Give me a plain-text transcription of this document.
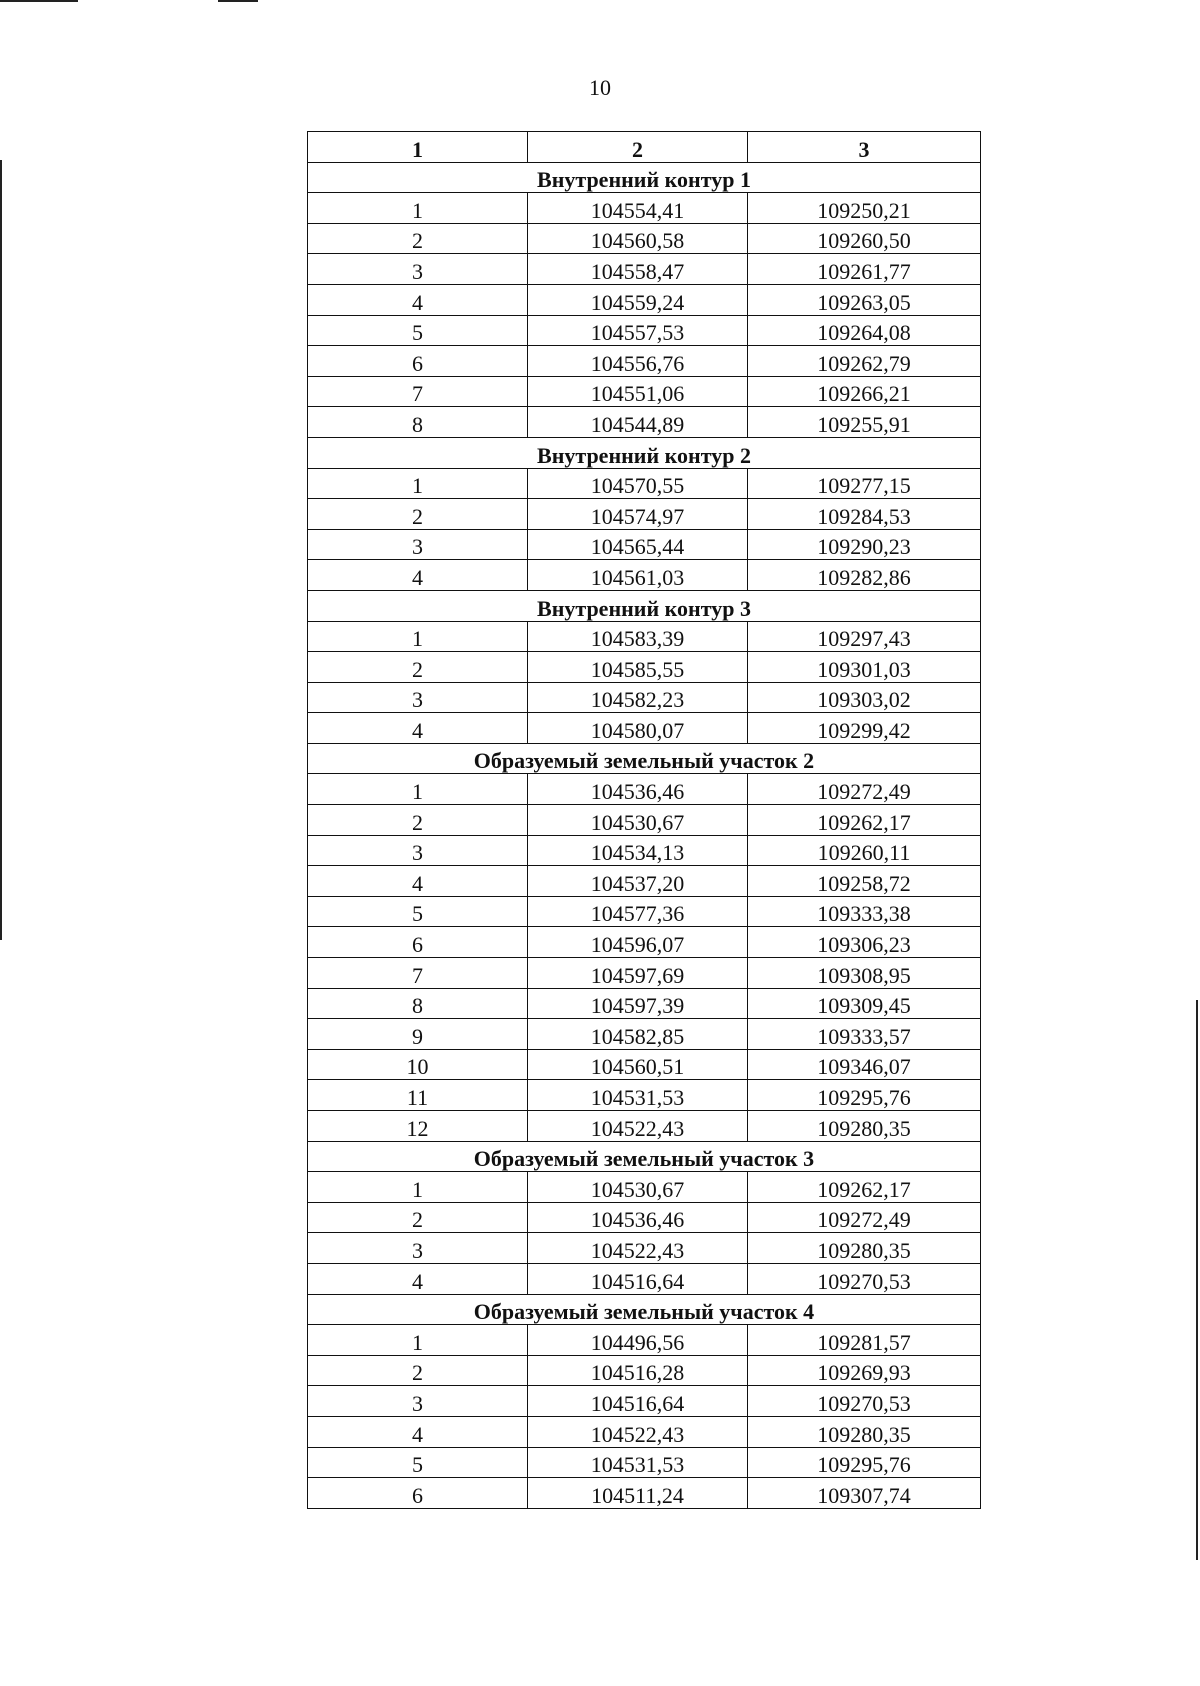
10
1	2	3
Внутренний контур 1		
1	104554,41	109250,21
2	104560,58	109260,50
3	104558,47	109261,77
4	104559,24	109263,05
5	104557,53	109264,08
6	104556,76	109262,79
7	104551,06	109266,21
8	104544,89	109255,91
Внутренний контур 2		
1	104570,55	109277,15
2	104574,97	109284,53
3	104565,44	109290,23
4	104561,03	109282,86
Внутренний контур 3		
1	104583,39	109297,43
2	104585,55	109301,03
3	104582,23	109303,02
4	104580,07	109299,42
Образуемый земельный участок 2		
1	104536,46	109272,49
2	104530,67	109262,17
3	104534,13	109260,11
4	104537,20	109258,72
5	104577,36	109333,38
6	104596,07	109306,23
7	104597,69	109308,95
8	104597,39	109309,45
9	104582,85	109333,57
10	104560,51	109346,07
11	104531,53	109295,76
12	104522,43	109280,35
Образуемый земельный участок 3		
1	104530,67	109262,17
2	104536,46	109272,49
3	104522,43	109280,35
4	104516,64	109270,53
Образуемый земельный участок 4		
1	104496,56	109281,57
2	104516,28	109269,93
3	104516,64	109270,53
4	104522,43	109280,35
5	104531,53	109295,76
6	104511,24	109307,74
